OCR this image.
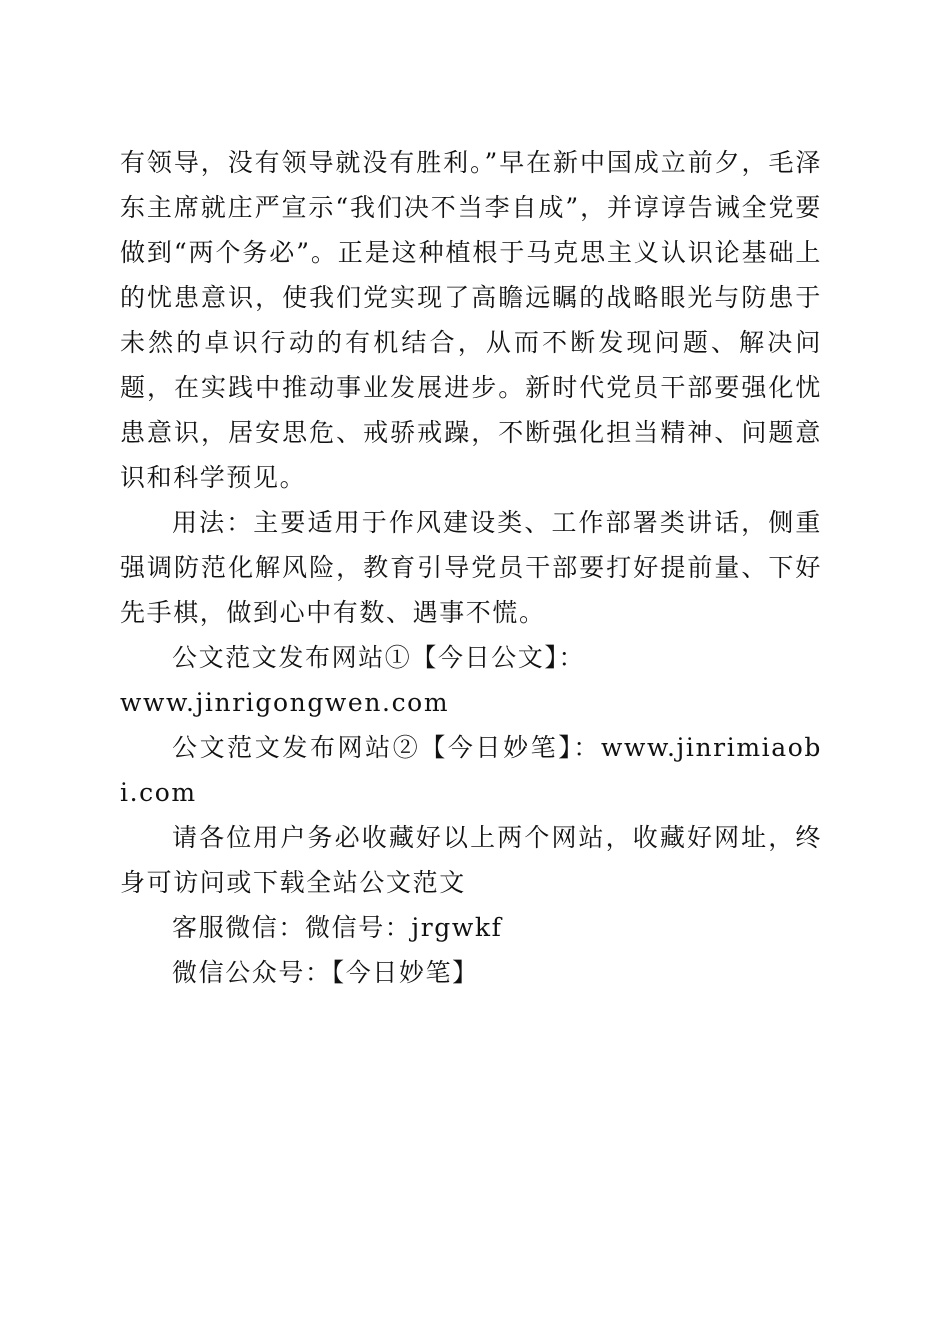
有领导，没有领导就没有胜利。”早在新中国成立前夕，毛泽东主席就庄严宣示“我们决不当李自成”，并谆谆告诫全党要做到“两个务必”。正是这种植根于马克思主义认识论基础上的忧患意识，使我们党实现了高瞻远瞩的战略眼光与防患于未然的卓识行动的有机结合，从而不断发现问题、解决问题，在实践中推动事业发展进步。新时代党员干部要强化忧患意识，居安思危、戒骄戒躁，不断强化担当精神、问题意识和科学预见。

用法：主要适用于作风建设类、工作部署类讲话，侧重强调防范化解风险，教育引导党员干部要打好提前量、下好先手棋，做到心中有数、遇事不慌。

公文范文发布网站①【今日公文】：
www.jinrigongwen.com

公文范文发布网站②【今日妙笔】：www.jinrimiaobi.com

请各位用户务必收藏好以上两个网站，收藏好网址，终身可访问或下载全站公文范文

客服微信：微信号：jrgwkf

微信公众号：【今日妙笔】
